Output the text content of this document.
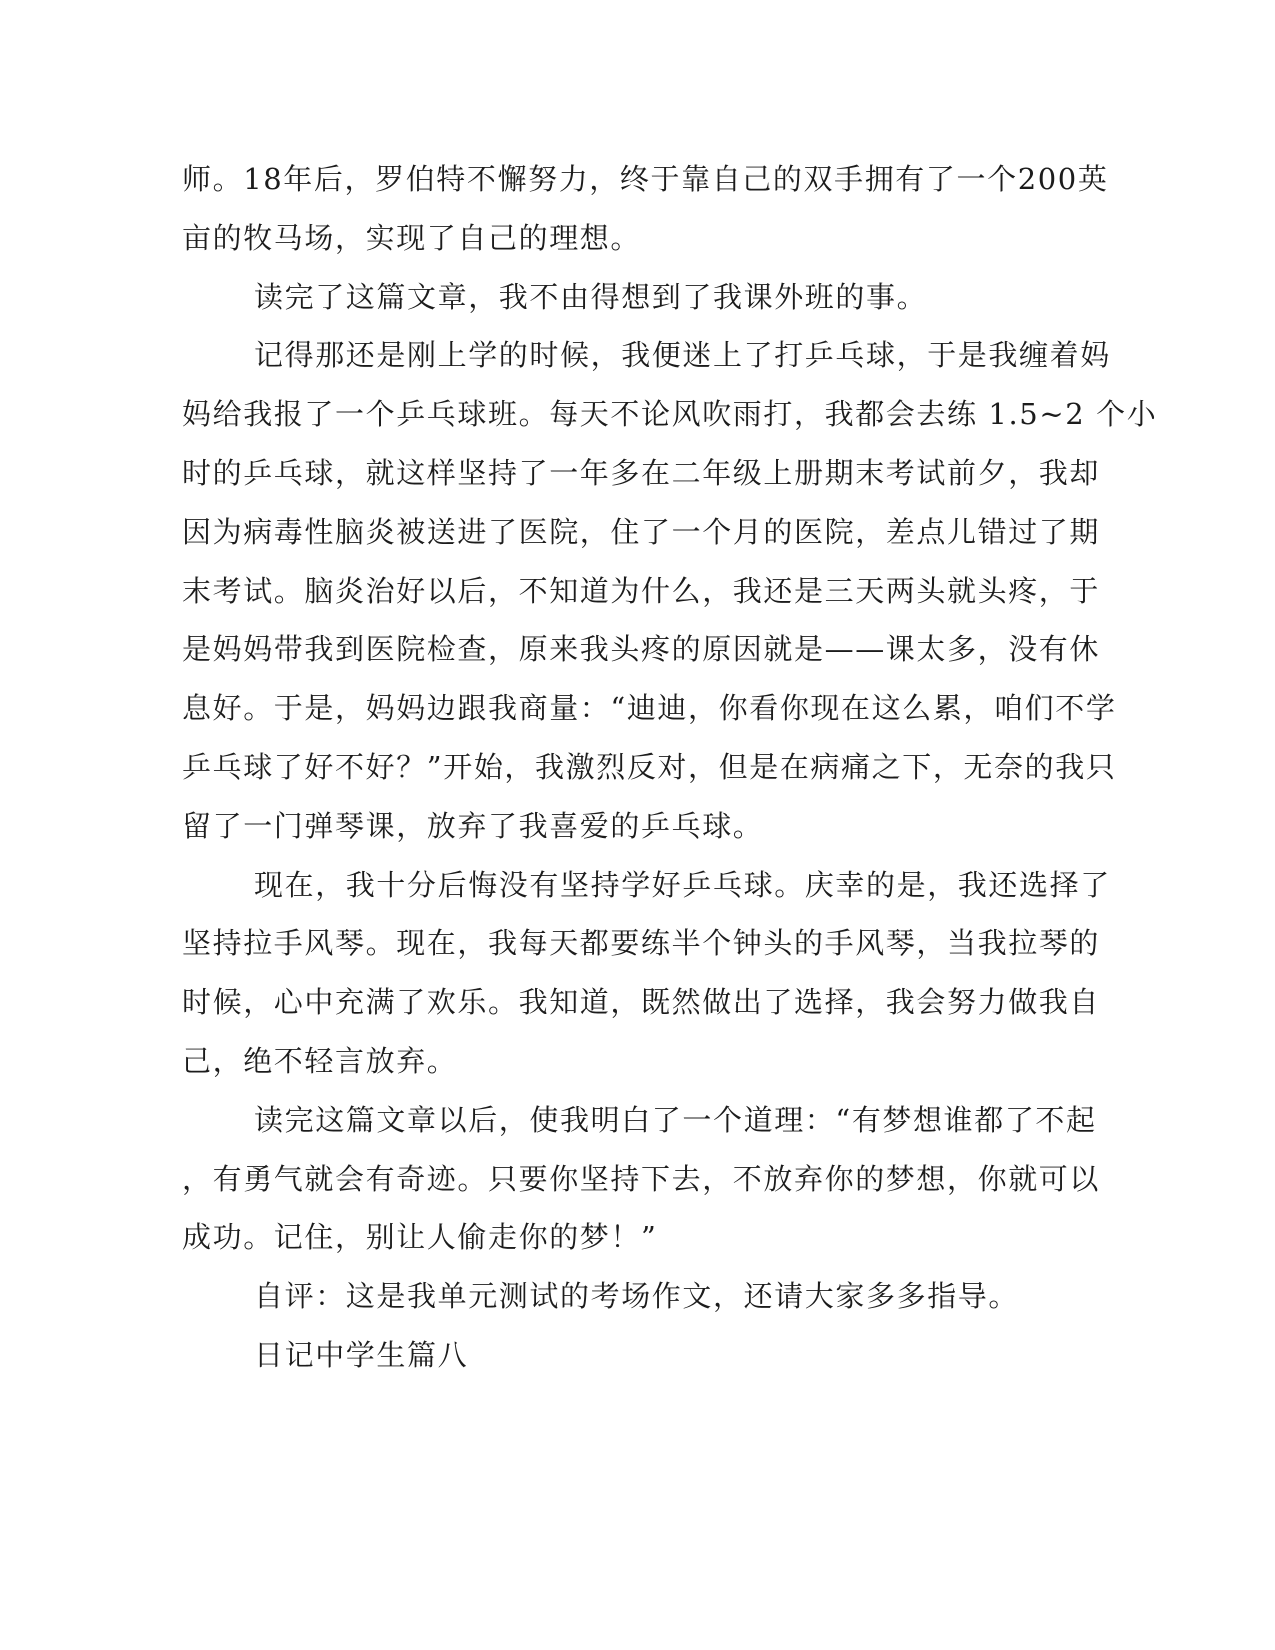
师。18年后，罗伯特不懈努力，终于靠自己的双手拥有了一个200英

亩的牧马场，实现了自己的理想。

读完了这篇文章，我不由得想到了我课外班的事。

记得那还是刚上学的时候，我便迷上了打乒乓球，于是我缠着妈

妈给我报了一个乒乓球班。每天不论风吹雨打，我都会去练 1.5~2 个小

时的乒乓球，就这样坚持了一年多在二年级上册期末考试前夕，我却

因为病毒性脑炎被送进了医院，住了一个月的医院，差点儿错过了期

末考试。脑炎治好以后，不知道为什么，我还是三天两头就头疼，于

是妈妈带我到医院检查，原来我头疼的原因就是——课太多，没有休

息好。于是，妈妈边跟我商量：“迪迪，你看你现在这么累，咱们不学

乒乓球了好不好？”开始，我激烈反对，但是在病痛之下，无奈的我只

留了一门弹琴课，放弃了我喜爱的乒乓球。

现在，我十分后悔没有坚持学好乒乓球。庆幸的是，我还选择了

坚持拉手风琴。现在，我每天都要练半个钟头的手风琴，当我拉琴的

时候，心中充满了欢乐。我知道，既然做出了选择，我会努力做我自

己，绝不轻言放弃。

读完这篇文章以后，使我明白了一个道理：“有梦想谁都了不起

，有勇气就会有奇迹。只要你坚持下去，不放弃你的梦想，你就可以

成功。记住，别让人偷走你的梦！”

自评：这是我单元测试的考场作文，还请大家多多指导。

日记中学生篇八
